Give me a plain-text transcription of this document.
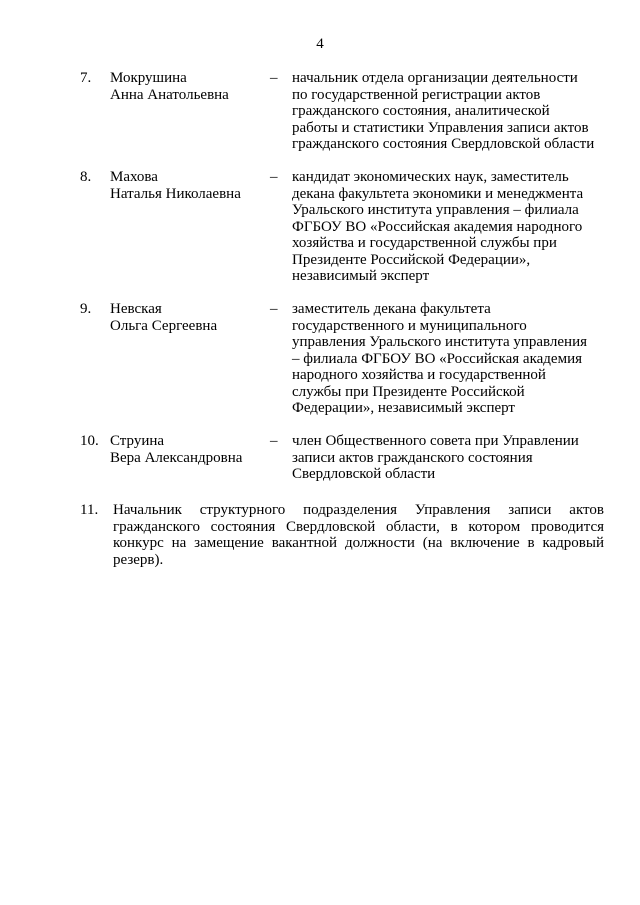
4
7. Мокрушина
Анна Анатольевна
– начальник отдела организации деятельности
по государственной регистрации актов
гражданского состояния, аналитической
работы и статистики Управления записи актов
гражданского состояния Свердловской области
8. Махова
Наталья Николаевна
– кандидат экономических наук, заместитель
декана факультета экономики и менеджмента
Уральского института управления – филиала
ФГБОУ ВО «Российская академия народного
хозяйства и государственной службы при
Президенте Российской Федерации»,
независимый эксперт
9. Невская
Ольга Сергеевна
– заместитель декана факультета
государственного и муниципального
управления Уральского института управления
– филиала ФГБОУ ВО «Российская академия
народного хозяйства и государственной
службы при Президенте Российской
Федерации», независимый эксперт
10. Струина
Вера Александровна
– член Общественного совета при Управлении
записи актов гражданского состояния
Свердловской области
11. Начальник структурного подразделения Управления записи актов
гражданского состояния Свердловской области, в котором проводится
конкурс на замещение вакантной должности (на включение в кадровый
резерв).
